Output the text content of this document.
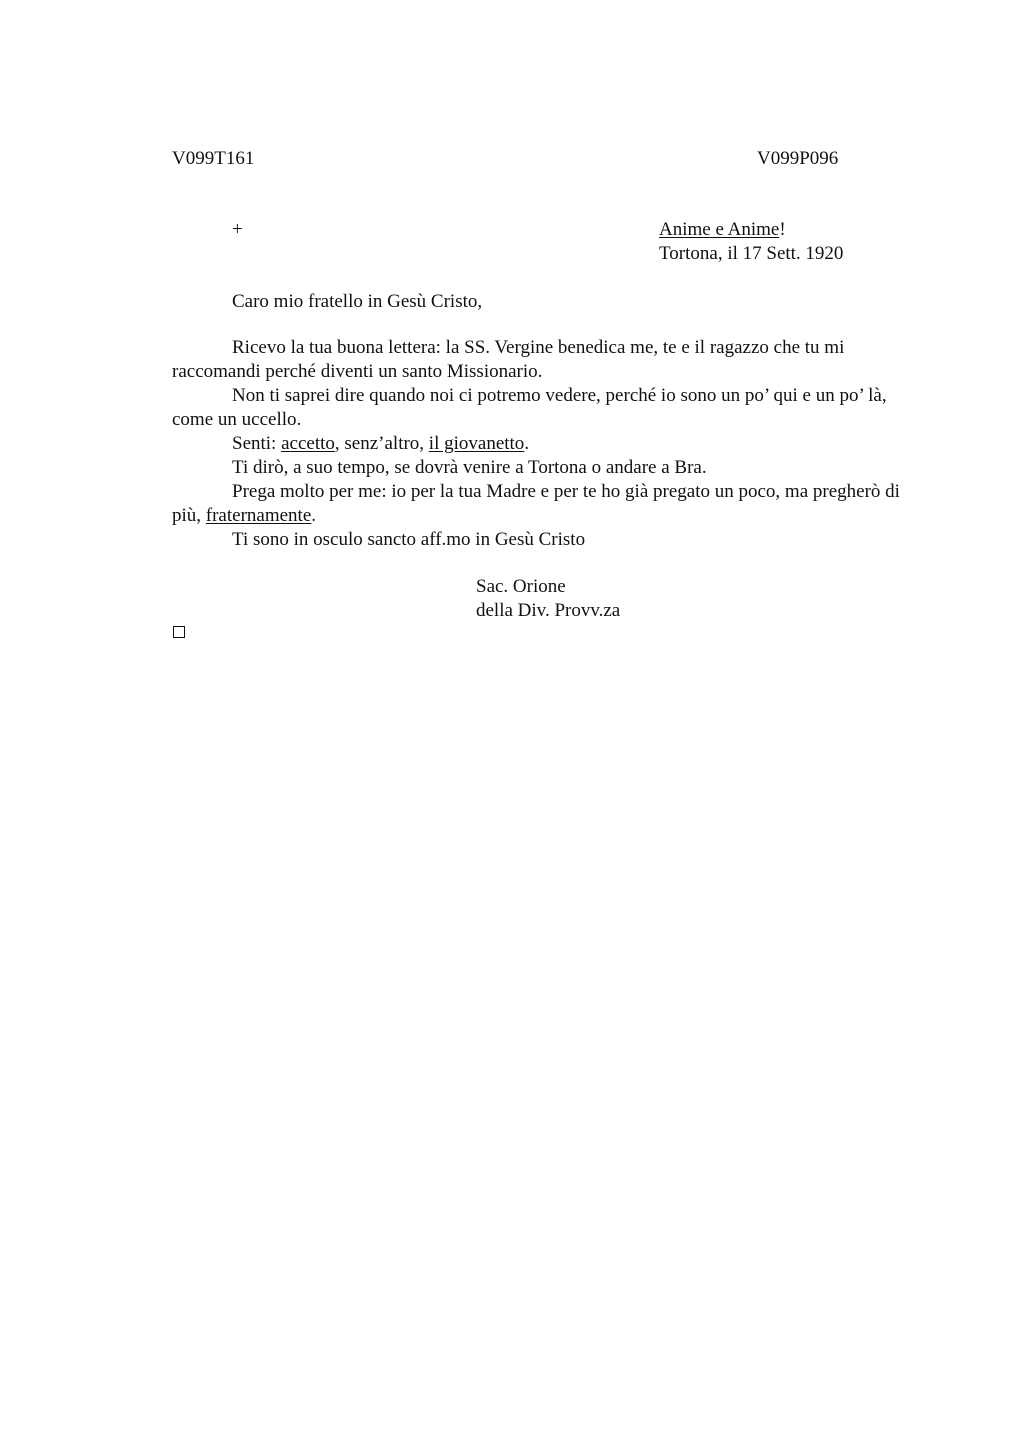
V099T161	V099P096
+	Anime e Anime!
Tortona, il 17 Sett. 1920
Caro mio fratello in Gesù Cristo,

Ricevo la tua buona lettera: la SS. Vergine benedica me, te e il ragazzo che tu mi raccomandi perché diventi un santo Missionario.

Non ti saprei dire quando noi ci potremo vedere, perché io sono un po’ qui e un po’ là, come un uccello.

Senti: accetto, senz’altro, il giovanetto.

Ti dirò, a suo tempo, se dovrà venire a Tortona o andare a Bra.

Prega molto per me: io per la tua Madre e per te ho già pregato un poco, ma pregherò di più, fraternamente.

Ti sono in osculo sancto aff.mo in Gesù Cristo

Sac. Orione
della Div. Provv.za
